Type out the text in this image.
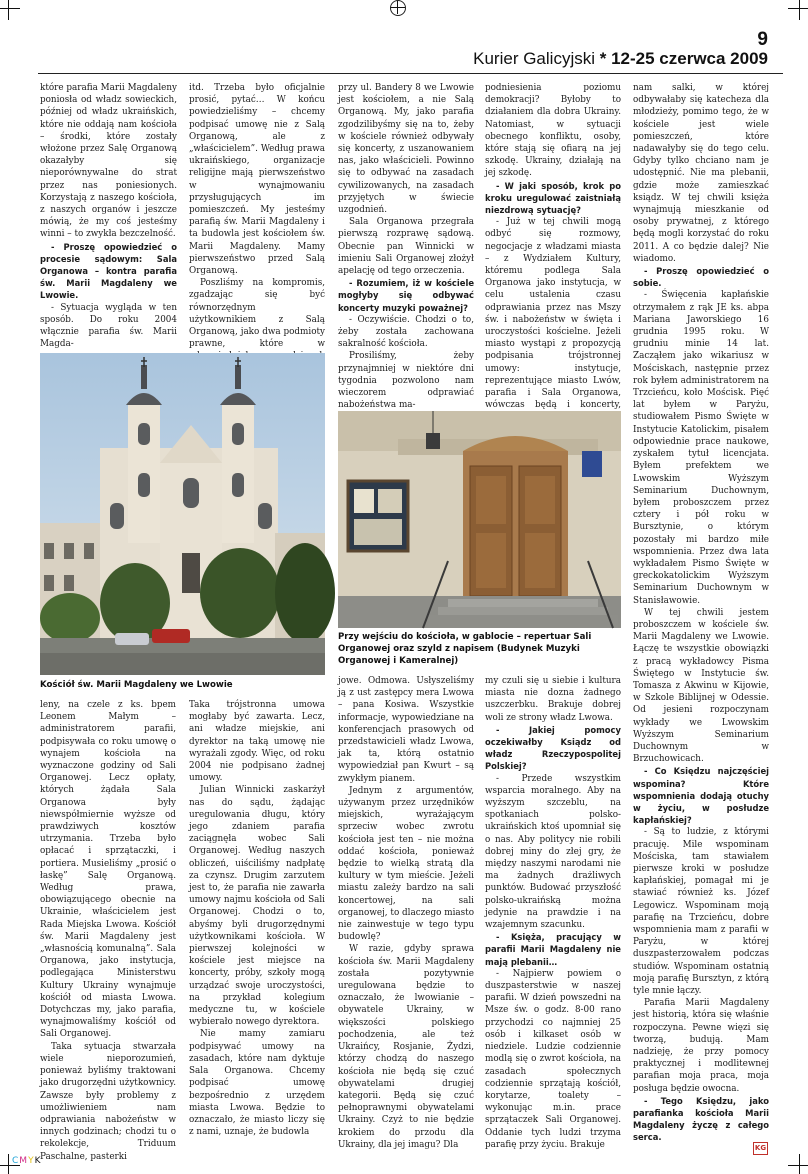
9
Kurier Galicyjski * 12-25 czerwca 2009

które parafia Marii Magdaleny poniosła od władz sowieckich, później od władz ukraińskich, które nie oddają nam kościoła – środki, które zostały włożone przez Salę Organową okazałyby się nieporównywalne do strat przez nas poniesionych. Korzystają z naszego kościoła, z naszych organów i jeszcze mówią, że my coś jesteśmy winni – to zwykła bezczelność.

- Proszę opowiedzieć o procesie sądowym: Sala Organowa – kontra parafia św. Marii Magdaleny we Lwowie.

- Sytuacja wygląda w ten sposób. Do roku 2004 włącznie parafia św. Marii Magda-

itd. Trzeba było oficjalnie prosić, pytać… W końcu powiedzieliśmy – chcemy podpisać umowę nie z Salą Organową, ale z „właścicielem”. Według prawa ukraińskiego, organizacje religijne mają pierwszeństwo w wynajmowaniu przysługujących im pomieszczeń. My jesteśmy parafią św. Marii Magdaleny i ta budowla jest kościołem św. Marii Magdaleny. Mamy pierwszeństwo przed Salą Organową.

Poszliśmy na kompromis, zgadzając się być równorzędnym użytkownikiem z Salą Organową, jako dwa podmioty prawne, które w

przy ul. Bandery 8 we Lwowie jest kościołem, a nie Salą Organową. My, jako parafia zgodzilibyśmy się na to, żeby w kościele również odbywały się koncerty, z uszanowaniem nas, jako właścicieli. Powinno się to odbywać na zasadach cywilizowanych, na zasadach przyjętych w świecie uzgodnień.

Sala Organowa przegrała pierwszą rozprawę sądową. Obecnie pan Winnicki w imieniu Sali Organowej złożył apelację od tego orzeczenia.

- Rozumiem, iż w kościele mogłyby się odbywać koncerty muzyki poważnej?

- Oczywiście. Chodzi o to, żeby została zachowana sakralność kościoła.

Prosiliśmy, żeby przynajmniej w niektóre dni tygodnia pozwolono nam wieczorem odprawiać nabożeństwa ma-

podniesienia poziomu demokracji? Byłoby to działaniem dla dobra Ukrainy. Natomiast, w sytuacji obecnego konfliktu, osoby, które stają się ofiarą na jej szkodę. Ukrainy, działają na jej szkodę.

- W jaki sposób, krok po kroku uregulować zaistniałą niezdrową sytuację?

- Już w tej chwili mogą odbyć się rozmowy, negocjacje z władzami miasta – z Wydziałem Kultury, któremu podlega Sala Organowa jako instytucja, w celu ustalenia czasu odprawiania przez nas Mszy św. i nabożeństw w święta i uroczystości kościelne. Jeżeli miasto wystąpi z propozycją podpisania trójstronnej umowy: instytucje, reprezentujące miasto Lwów, parafia i Sala Organowa, wówczas będą i koncerty,

nam salki, w której odbywałaby się katecheza dla młodzieży, pomimo tego, że w kościele jest wiele pomieszczeń, które nadawałyby się do tego celu. Gdyby tylko chciano nam je udostępnić. Nie ma plebanii, gdzie może zamieszkać ksiądz. W tej chwili księża wynajmują mieszkanie od osoby prywatnej, z którego będą mogli korzystać do roku 2011. A co będzie dalej? Nie wiadomo.

- Proszę opowiedzieć o sobie.

- Święcenia kapłańskie otrzymałem z rąk JE ks. abpa Mariana Jaworskiego 16 grudnia 1995 roku. W grudniu minie 14 lat. Zacząłem jako wikariusz w Mościskach, następnie przez rok byłem administratorem na Trzcieńcu, koło Mościsk. Pięć lat byłem w Paryżu, studiowałem Pismo Święte w Instytucie Katolickim, pisałem odpowiednie prace naukowe, zyskałem tytuł licencjata. Byłem prefektem we Lwowskim Wyższym Seminarium Duchownym, byłem proboszczem przez cztery i pół roku w Bursztynie, o którym pozostały mi bardzo miłe wspomnienia. Przez dwa lata wykładałem Pismo Święte w greckokatolickim Wyższym Seminarium Duchownym w Stanisławowie.

W tej chwili jestem proboszczem w kościele św. Marii Magdaleny we Lwowie. Łączę te wszystkie obowiązki z pracą wykładowcy Pisma Świętego w Instytucie św. Tomasza z Akwinu w Kijowie, w Szkole Biblijnej w Odessie. Od jesieni rozpoczynam wykłady we Lwowskim Wyższym Seminarium Duchownym w Brzuchowicach.

- Co Księdzu najczęściej wspomina? Które wspomnienia dodają otuchy w życiu, w posłudze kapłańskiej?

- Są to ludzie, z którymi pracuję. Mile wspominam Mościska, tam stawiałem pierwsze kroki w posłudze kapłańskiej, pomagał mi je stawiać również ks. Józef Legowicz. Wspominam moją parafię na Trzcieńcu, dobre wspomnienia mam z parafii w Paryżu, w której duszpasterzowałem podczas studiów. Wspominam ostatnią moją parafię Bursztyn, z którą tyle mnie łączy.

Parafia Marii Magdaleny jest historią, która się właśnie rozpoczyna. Pewne więzi się tworzą, budują. Mam nadzieję, że przy pomocy praktycznej i modlitewnej parafian moja praca, moja posługa będzie owocna.

- Tego Księdzu, jako parafianka kościoła Marii Magdaleny życzę z całego serca.

Kościół św. Marii Magdaleny we Lwowie
Przy wejściu do kościoła, w gablocie – repertuar Sali Organowej oraz szyld z napisem (Budynek Muzyki Organowej i Kameralnej)

leny, na czele z ks. bpem Leonem Małym – administratorem parafii, podpisywała co roku umowę o wynajem kościoła na wyznaczone godziny od Sali Organowej. Lecz opłaty, których żądała Sala Organowa były niewspółmiernie wyższe od prawdziwych kosztów utrzymania. Trzeba było opłacać i sprzątaczki, i portiera. Musieliśmy „prosić o łaskę” Salę Organową. Według prawa, obowiązującego obecnie na Ukrainie, właścicielem jest Rada Miejska Lwowa. Kościół św. Marii Magdaleny jest „własnością komunalną”. Sala Organowa, jako instytucja, podlegająca Ministerstwu Kultury Ukrainy wynajmuje kościół od miasta Lwowa. Dotychczas my, jako parafia, wynajmowaliśmy kościół od Sali Organowej.

Taka sytuacja stwarzała wiele nieporozumień, ponieważ byliśmy traktowani jako drugorzędni użytkownicy. Zawsze były problemy z umożliwieniem nam odprawiania nabożeństw w innych godzinach; chodzi tu o rekolekcje, Triduum Paschalne, pasterki

Taka trójstronna umowa mogłaby być zawarta. Lecz, ani władze miejskie, ani dyrektor na taką umowę nie wyrażali zgody. Więc, od roku 2004 nie podpisano żadnej umowy.

Julian Winnicki zaskarżył nas do sądu, żądając uregulowania długu, który jego zdaniem parafia zaciągnęła wobec Sali Organowej. Według naszych obliczeń, uiściliśmy nadpłatę za czynsz. Drugim zarzutem jest to, że parafia nie zawarła umowy najmu kościoła od Sali Organowej. Chodzi o to, abyśmy byli drugorzędnymi użytkownikami kościoła. W pierwszej kolejności w kościele jest miejsce na koncerty, próby, szkoły mogą urządzać swoje uroczystości, na przykład kolegium medyczne tu, w kościele wybierało nowego dyrektora.

Nie mamy zamiaru podpisywać umowy na zasadach, które nam dyktuje Sala Organowa. Chcemy podpisać umowę bezpośrednio z urzędem miasta Lwowa. Będzie to oznaczało, że miasto liczy się z nami, uznaje, że budowla

jowe. Odmowa. Usłyszeliśmy ją z ust zastępcy mera Lwowa – pana Kosiwa. Wszystkie informacje, wypowiedziane na konferencjach prasowych od przedstawicieli władz Lwowa, jak ta, którą ostatnio wypowiedział pan Kwurt – są zwykłym pianem.

Jednym z argumentów, używanym przez urzędników miejskich, wyrażającym sprzeciw wobec zwrotu kościoła jest ten – nie można oddać kościoła, ponieważ będzie to wielką stratą dla kultury w tym mieście. Jeżeli miastu zależy bardzo na sali koncertowej, na sali organowej, to dlaczego miasto nie zainwestuje w tego typu budowlę?

W razie, gdyby sprawa kościoła św. Marii Magdaleny została pozytywnie uregulowana będzie to oznaczało, że lwowianie – obywatele Ukrainy, w większości polskiego pochodzenia, ale też Ukraińcy, Rosjanie, Żydzi, którzy chodzą do naszego kościoła nie będą się czuć obywatelami drugiej kategorii. Będą się czuć pełnoprawnymi obywatelami Ukrainy. Czyż to nie będzie krokiem do przodu dla Ukrainy, dla jej imagu? Dla

my czuli się u siebie i kultura miasta nie dozna żadnego uszczerbku. Brakuje dobrej woli ze strony władz Lwowa.

- Jakiej pomocy oczekiwałby Ksiądz od władz Rzeczypospolitej Polskiej?

- Przede wszystkim wsparcia moralnego. Aby na wyższym szczeblu, na spotkaniach polsko-ukraińskich ktoś upomniał się o nas. Aby politycy nie robili dobrej miny do złej gry, że między naszymi narodami nie ma żadnych drażliwych punktów. Budować przyszłość polsko-ukraińską można jedynie na prawdzie i na wzajemnym szacunku.

- Księża, pracujący w parafii Marii Magdaleny nie mają plebanii…

- Najpierw powiem o duszpasterstwie w naszej parafii. W dzień powszedni na Msze św. o godz. 8-00 rano przychodzi co najmniej 25 osób i kilkaset osób w niedziele. Ludzie codziennie modlą się o zwrot kościoła, na zasadach społecznych codziennie sprzątają kościół, korytarze, toalety – wykonując m.in. prace sprzątaczek Sali Organowej. Oddanie tych ludzi trzyma parafię przy życiu. Brakuje	KG
CMYK
